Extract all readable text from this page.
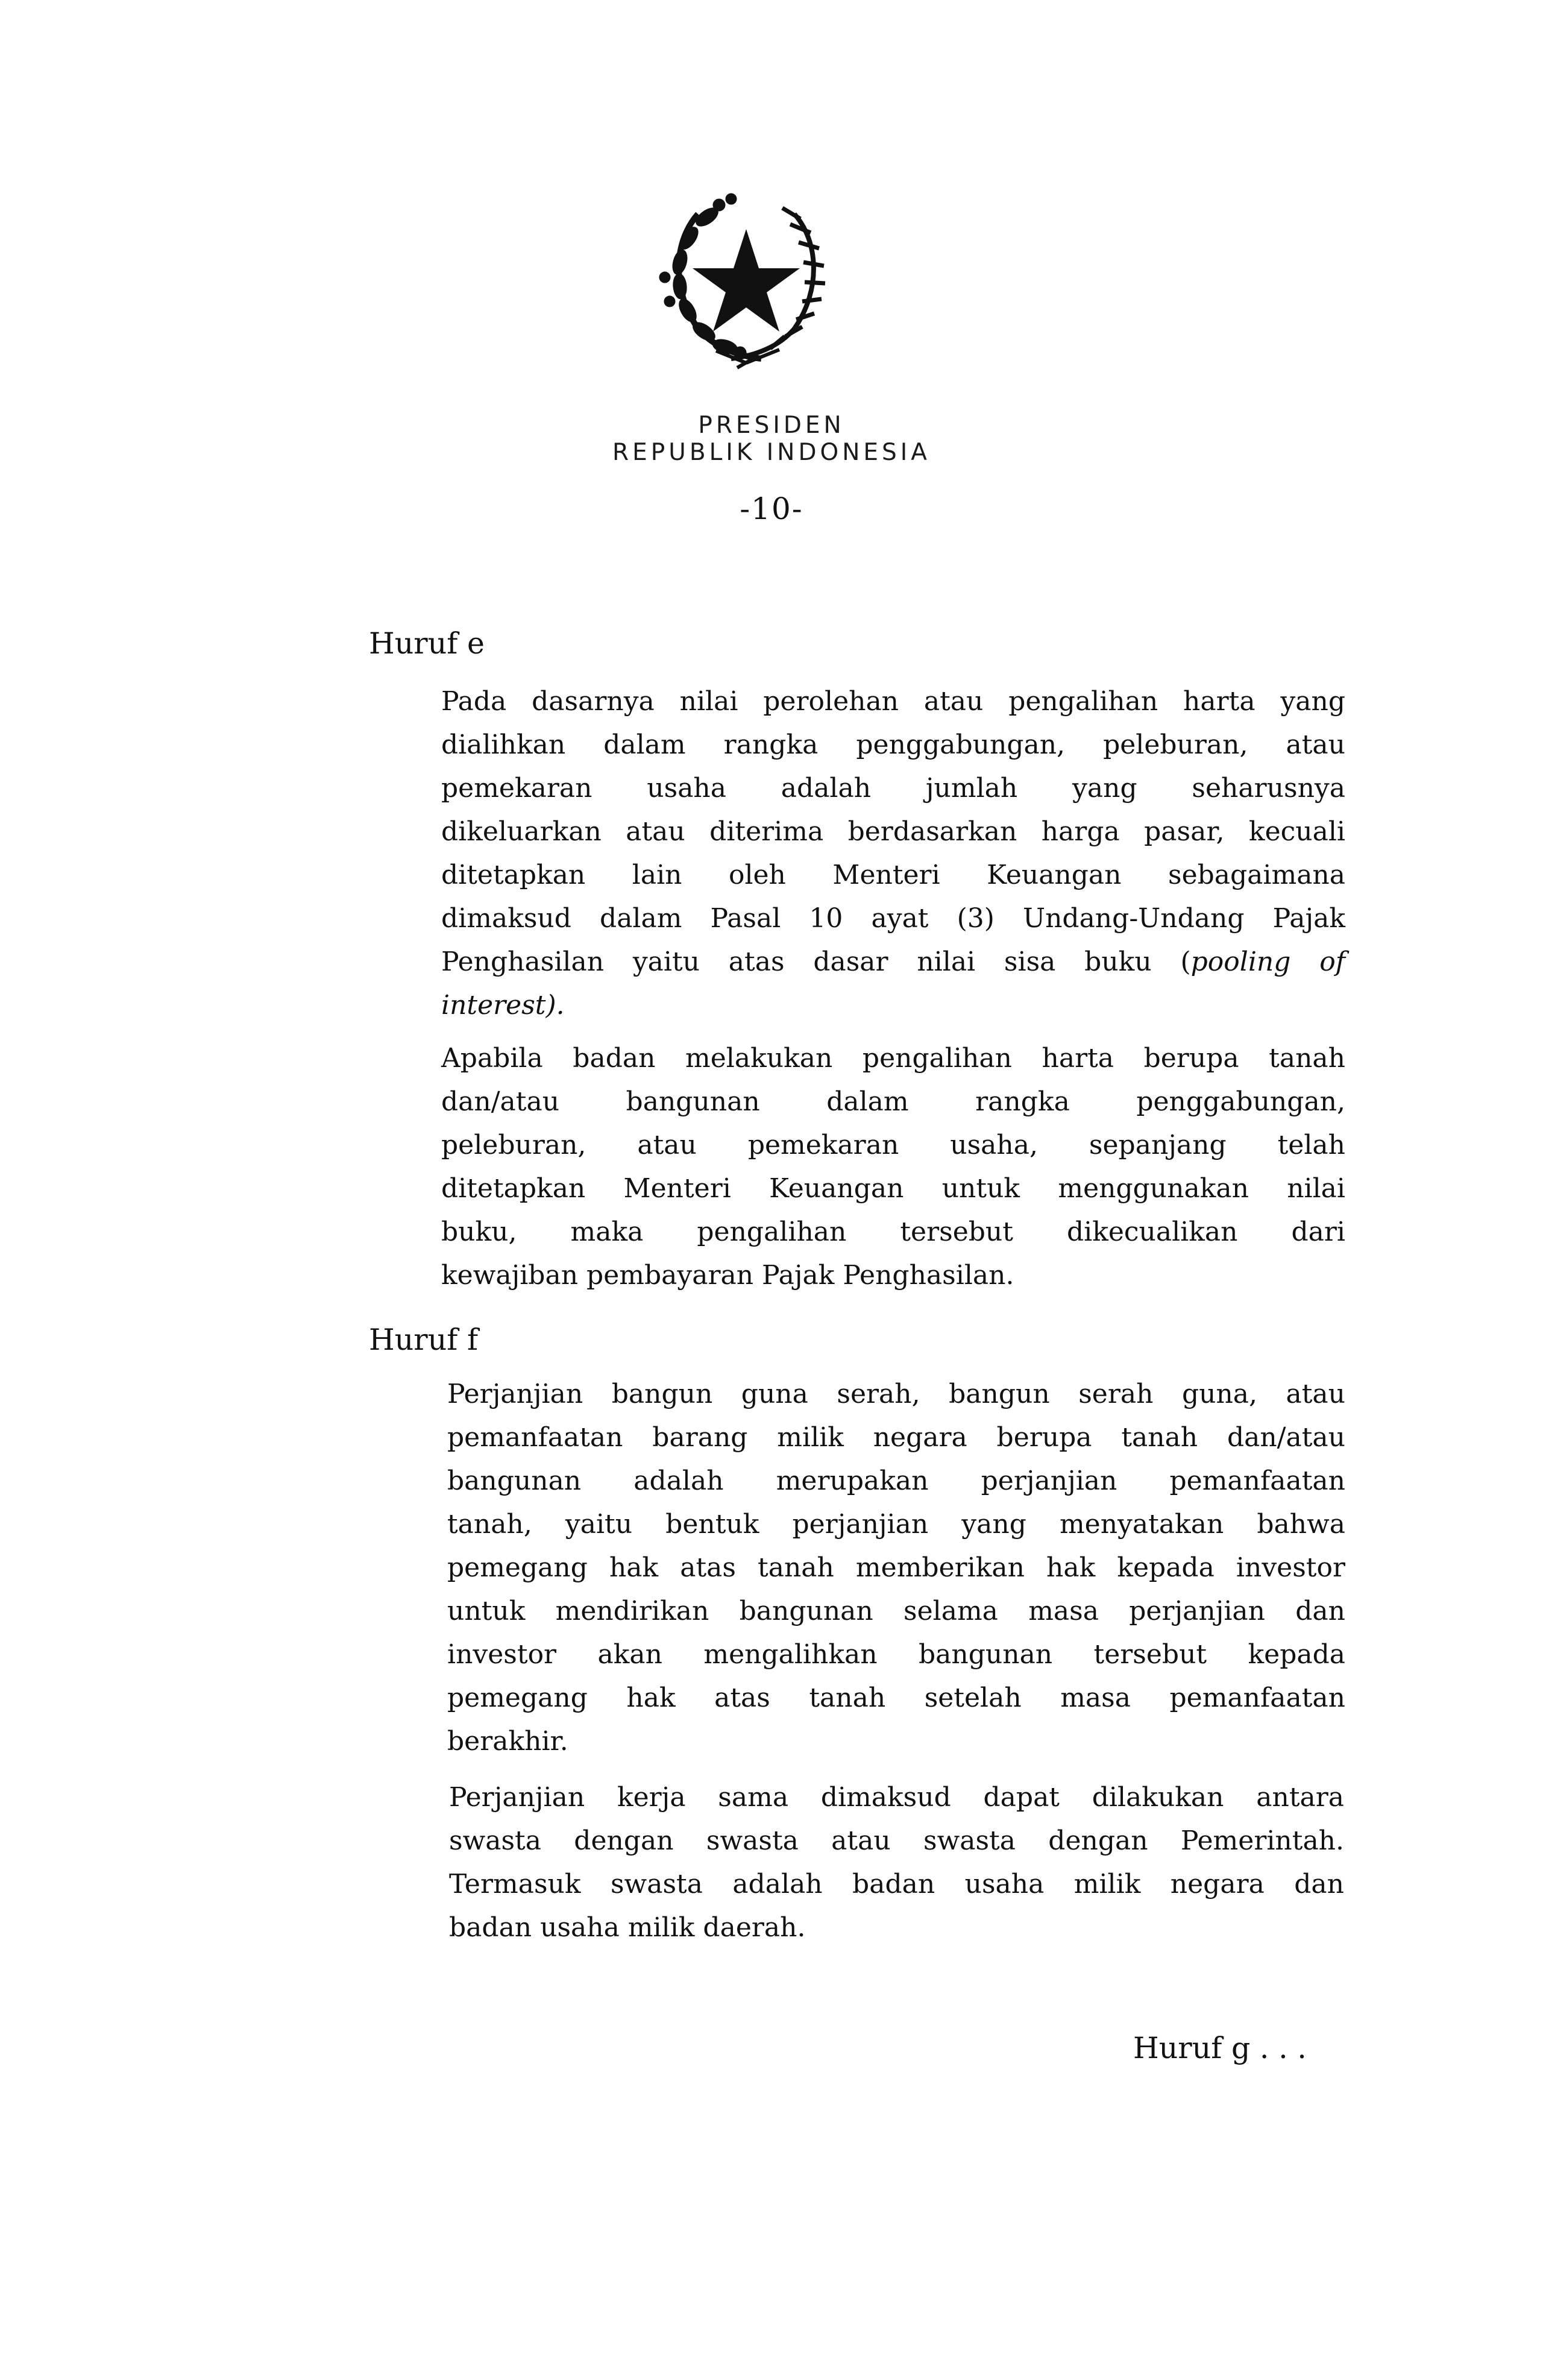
PRESIDEN
REPUBLIK INDONESIA
-10-
Huruf e
Pada dasarnya nilai perolehan atau pengalihan harta yang
dialihkan dalam rangka penggabungan, peleburan, atau
pemekaran usaha adalah jumlah yang seharusnya
dikeluarkan atau diterima berdasarkan harga pasar, kecuali
ditetapkan lain oleh Menteri Keuangan sebagaimana
dimaksud dalam Pasal 10 ayat (3) Undang-Undang Pajak
Penghasilan yaitu atas dasar nilai sisa buku (pooling of
interest).
Apabila badan melakukan pengalihan harta berupa tanah
dan/atau bangunan dalam rangka penggabungan,
peleburan, atau pemekaran usaha, sepanjang telah
ditetapkan Menteri Keuangan untuk menggunakan nilai
buku, maka pengalihan tersebut dikecualikan dari
kewajiban pembayaran Pajak Penghasilan.
Huruf f
Perjanjian bangun guna serah, bangun serah guna, atau
pemanfaatan barang milik negara berupa tanah dan/atau
bangunan adalah merupakan perjanjian pemanfaatan
tanah, yaitu bentuk perjanjian yang menyatakan bahwa
pemegang hak atas tanah memberikan hak kepada investor
untuk mendirikan bangunan selama masa perjanjian dan
investor akan mengalihkan bangunan tersebut kepada
pemegang hak atas tanah setelah masa pemanfaatan
berakhir.
Perjanjian kerja sama dimaksud dapat dilakukan antara
swasta dengan swasta atau swasta dengan Pemerintah.
Termasuk swasta adalah badan usaha milik negara dan
badan usaha milik daerah.
Huruf g . . .
